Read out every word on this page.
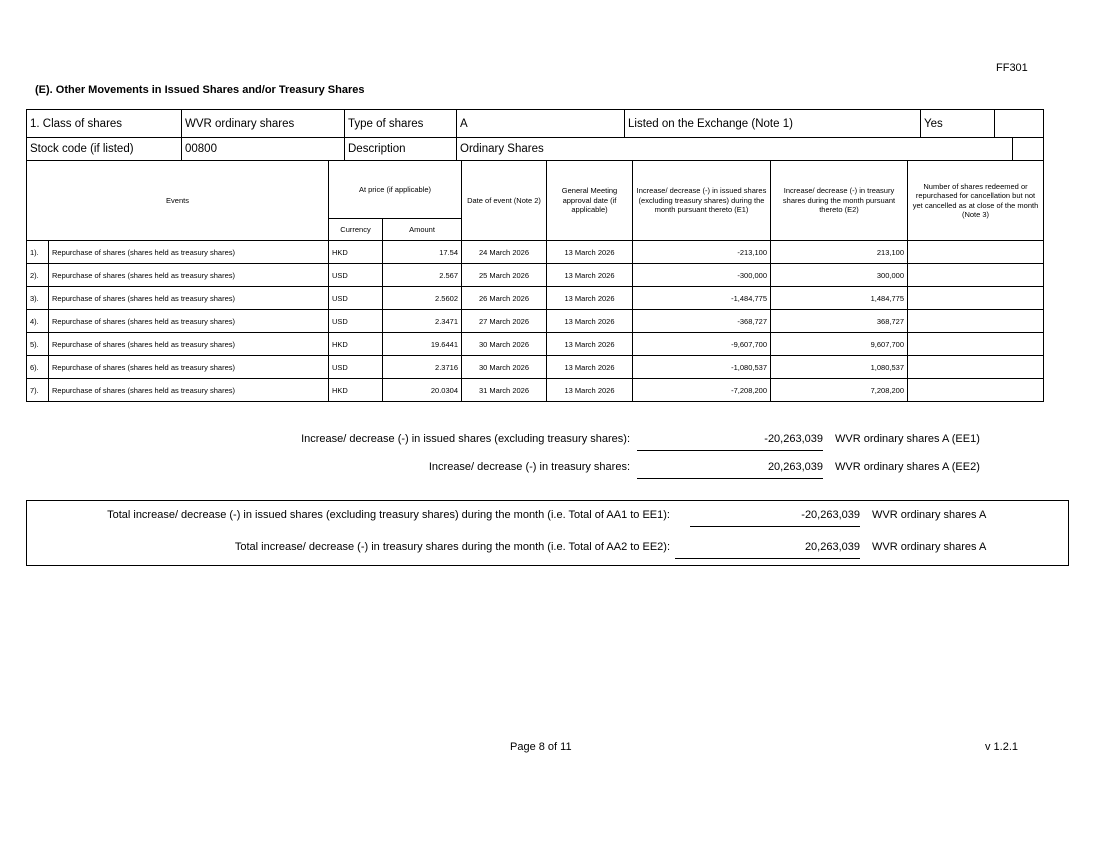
FF301
(E). Other Movements in Issued Shares and/or Treasury Shares
1. Class of shares	WVR ordinary shares	Type of shares	A	Listed on the Exchange (Note 1)	Yes	
Stock code (if listed)	00800	Description	Ordinary Shares	
Events		At price (if applicable)		Date of event (Note 2)	General Meeting approval date (if applicable)	Increase/ decrease (-) in issued shares (excluding treasury shares) during the month pursuant thereto (E1)	Increase/ decrease (-) in treasury shares during the month pursuant thereto (E2)	Number of shares redeemed or repurchased for cancellation but not yet cancelled as at close of the month (Note 3)
		Currency	Amount					
1).	Repurchase of shares (shares held as treasury shares)	HKD	17.54	24 March 2026	13 March 2026	-213,100	213,100	
2).	Repurchase of shares (shares held as treasury shares)	USD	2.567	25 March 2026	13 March 2026	-300,000	300,000	
3).	Repurchase of shares (shares held as treasury shares)	USD	2.5602	26 March 2026	13 March 2026	-1,484,775	1,484,775	
4).	Repurchase of shares (shares held as treasury shares)	USD	2.3471	27 March 2026	13 March 2026	-368,727	368,727	
5).	Repurchase of shares (shares held as treasury shares)	HKD	19.6441	30 March 2026	13 March 2026	-9,607,700	9,607,700	
6).	Repurchase of shares (shares held as treasury shares)	USD	2.3716	30 March 2026	13 March 2026	-1,080,537	1,080,537	
7).	Repurchase of shares (shares held as treasury shares)	HKD	20.0304	31 March 2026	13 March 2026	-7,208,200	7,208,200	
Increase/ decrease (-) in issued shares (excluding treasury shares):	-20,263,039 WVR ordinary shares A (EE1)
Increase/ decrease (-) in treasury shares:	20,263,039 WVR ordinary shares A (EE2)
Total increase/ decrease (-) in issued shares (excluding treasury shares) during the month (i.e. Total of AA1 to EE1):	-20,263,039 WVR ordinary shares A
Total increase/ decrease (-) in treasury shares during the month (i.e. Total of AA2 to EE2):	20,263,039 WVR ordinary shares A
Page 8 of 11	v 1.2.1
